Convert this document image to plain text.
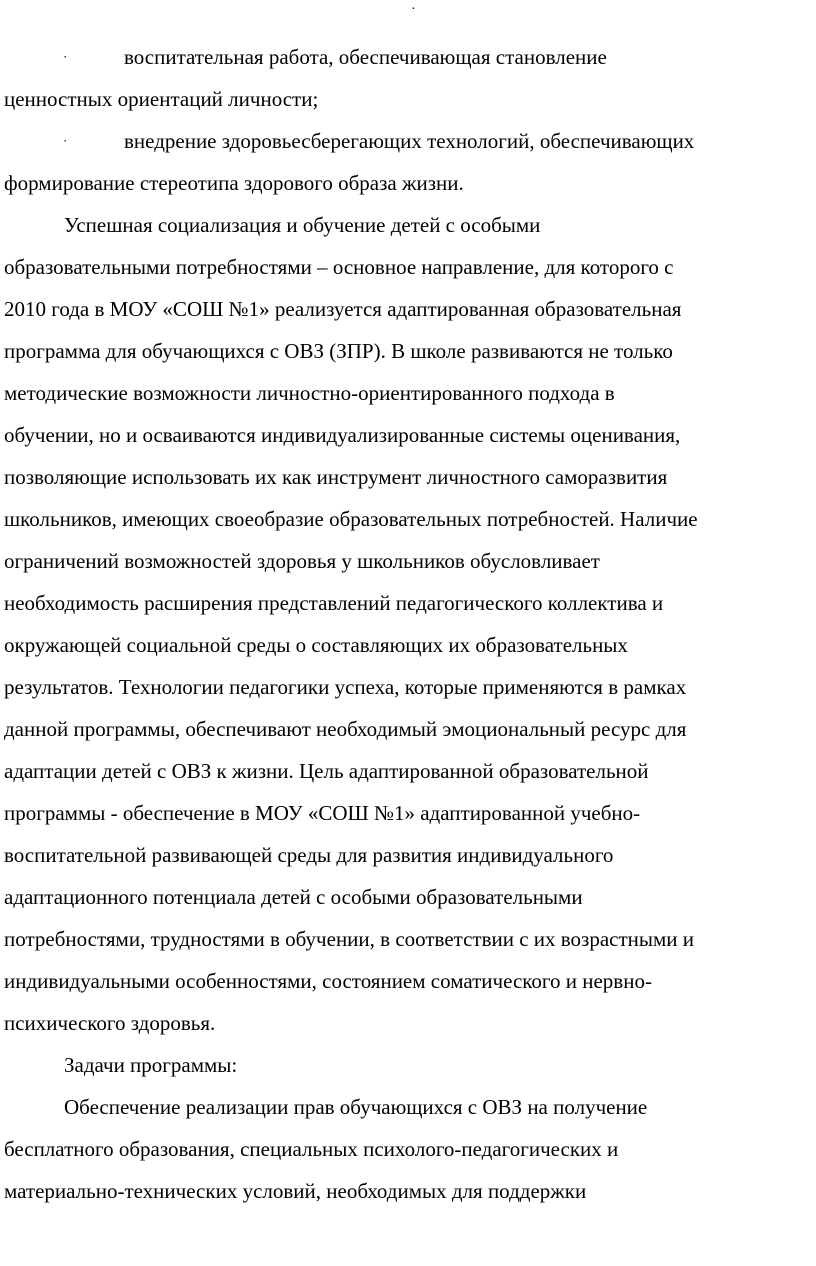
·
·	воспитательная работа, обеспечивающая становление
ценностных ориентаций личности;
·	внедрение здоровьесберегающих технологий, обеспечивающих
формирование стереотипа здорового образа жизни.
Успешная социализация и обучение детей с особыми
образовательными потребностями – основное направление, для которого с
2010 года в МОУ «СОШ №1» реализуется адаптированная образовательная
программа для обучающихся с ОВЗ (ЗПР). В школе развиваются не только
методические возможности личностно-ориентированного подхода в
обучении, но и осваиваются индивидуализированные системы оценивания,
позволяющие использовать их как инструмент личностного саморазвития
школьников, имеющих своеобразие образовательных потребностей. Наличие
ограничений возможностей здоровья у школьников обусловливает
необходимость расширения представлений педагогического коллектива и
окружающей социальной среды о составляющих их образовательных
результатов. Технологии педагогики успеха, которые применяются в рамках
данной программы, обеспечивают необходимый эмоциональный ресурс для
адаптации детей с ОВЗ к жизни. Цель адаптированной образовательной
программы - обеспечение в МОУ «СОШ №1» адаптированной учебно-
воспитательной развивающей среды для развития индивидуального
адаптационного потенциала детей с особыми образовательными
потребностями, трудностями в обучении, в соответствии с их возрастными и
индивидуальными особенностями, состоянием соматического и нервно-
психического здоровья.
Задачи программы:
Обеспечение реализации прав обучающихся с ОВЗ на получение
бесплатного образования, специальных психолого-педагогических и
материально-технических условий, необходимых для поддержки
